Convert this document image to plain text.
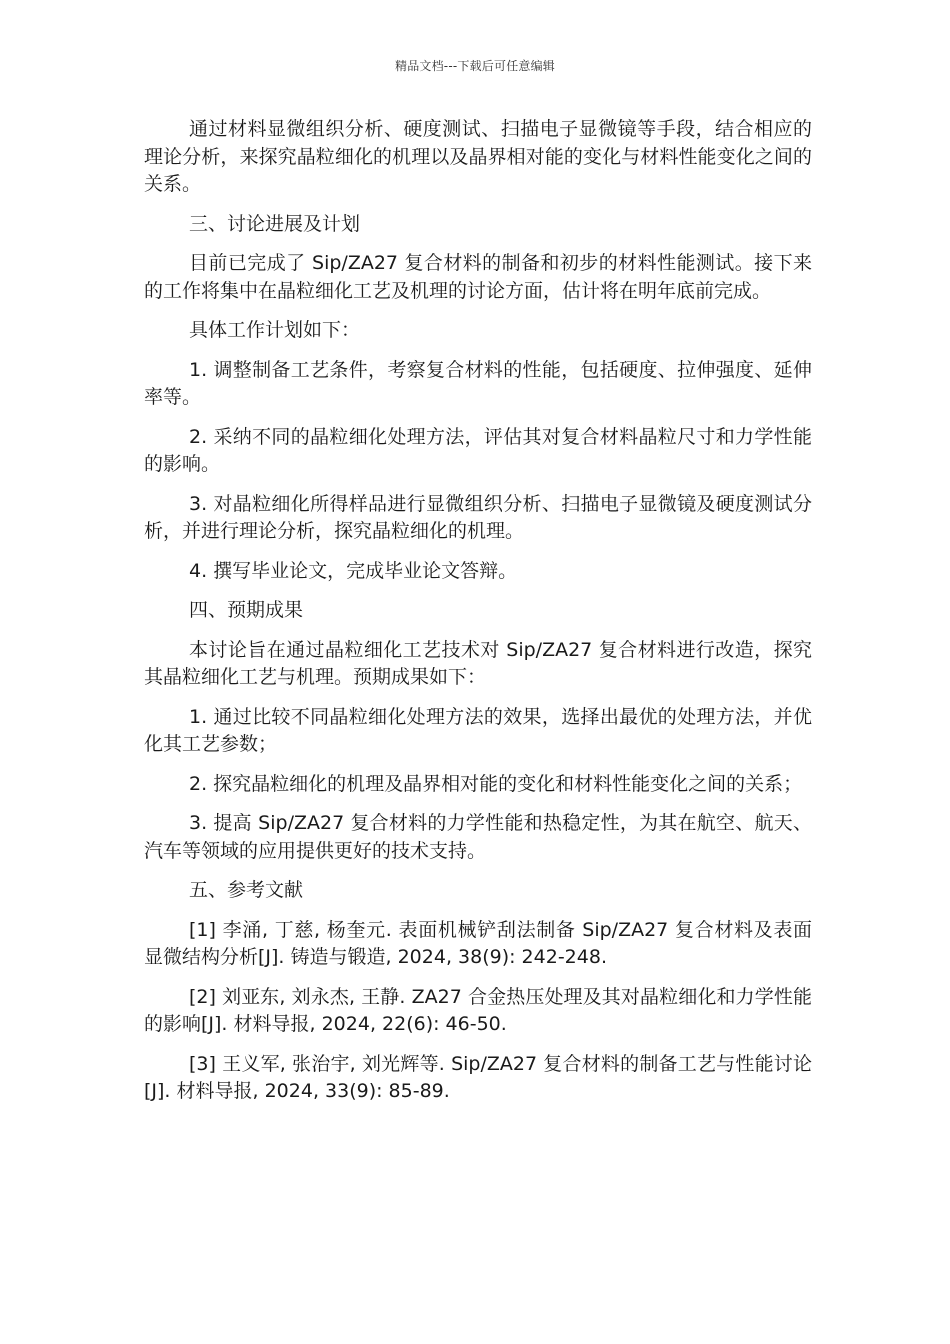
精品文档---下载后可任意编辑

通过材料显微组织分析、硬度测试、扫描电子显微镜等手段，结合相应的理论分析，来探究晶粒细化的机理以及晶界相对能的变化与材料性能变化之间的关系。

三、讨论进展及计划

目前已完成了 Sip/ZA27 复合材料的制备和初步的材料性能测试。接下来的工作将集中在晶粒细化工艺及机理的讨论方面，估计将在明年底前完成。

具体工作计划如下：

1. 调整制备工艺条件，考察复合材料的性能，包括硬度、拉伸强度、延伸率等。

2. 采纳不同的晶粒细化处理方法，评估其对复合材料晶粒尺寸和力学性能的影响。

3. 对晶粒细化所得样品进行显微组织分析、扫描电子显微镜及硬度测试分析，并进行理论分析，探究晶粒细化的机理。

4. 撰写毕业论文，完成毕业论文答辩。

四、预期成果

本讨论旨在通过晶粒细化工艺技术对 Sip/ZA27 复合材料进行改造，探究其晶粒细化工艺与机理。预期成果如下：

1. 通过比较不同晶粒细化处理方法的效果，选择出最优的处理方法，并优化其工艺参数；

2. 探究晶粒细化的机理及晶界相对能的变化和材料性能变化之间的关系；

3. 提高 Sip/ZA27 复合材料的力学性能和热稳定性，为其在航空、航天、汽车等领域的应用提供更好的技术支持。

五、参考文献

[1] 李涌, 丁慈, 杨奎元. 表面机械铲刮法制备 Sip/ZA27 复合材料及表面显微结构分析[J]. 铸造与锻造, 2024, 38(9): 242-248.

[2] 刘亚东, 刘永杰, 王静. ZA27 合金热压处理及其对晶粒细化和力学性能的影响[J]. 材料导报, 2024, 22(6): 46-50.

[3] 王义军, 张治宇, 刘光辉等. Sip/ZA27 复合材料的制备工艺与性能讨论[J]. 材料导报, 2024, 33(9): 85-89.
